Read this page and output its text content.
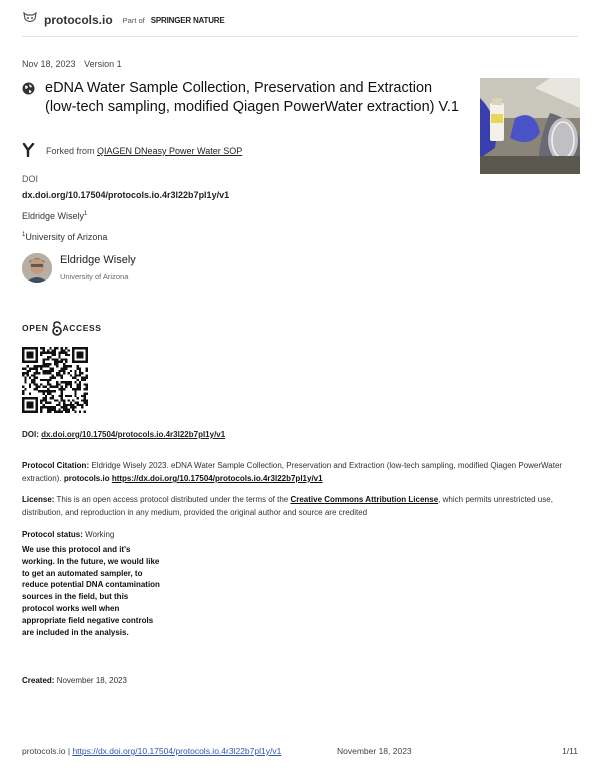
protocols.io Part of SPRINGER NATURE
Nov 18, 2023 Version 1
eDNA Water Sample Collection, Preservation and Extraction (low-tech sampling, modified Qiagen PowerWater extraction) V.1
Forked from QIAGEN DNeasy Power Water SOP
DOI
dx.doi.org/10.17504/protocols.io.4r3l22b7pl1y/v1
Eldridge Wisely$^1$
$^1$University of Arizona
Eldridge Wisely
University of Arizona
OPEN ACCESS
DOI: dx.doi.org/10.17504/protocols.io.4r3l22b7pl1y/v1
Protocol Citation: Eldridge Wisely 2023. eDNA Water Sample Collection, Preservation and Extraction (low-tech sampling, modified Qiagen PowerWater extraction). protocols.io https://dx.doi.org/10.17504/protocols.io.4r3l22b7pl1y/v1
License: This is an open access protocol distributed under the terms of the Creative Commons Attribution License, which permits unrestricted use, distribution, and reproduction in any medium, provided the original author and source are credited
Protocol status: Working
We use this protocol and it's working. In the future, we would like to get an automated sampler, to reduce potential DNA contamination sources in the field, but this protocol works well when appropriate field negative controls are included in the analysis.
Created: November 18, 2023
protocols.io | https://dx.doi.org/10.17504/protocols.io.4r3l22b7pl1y/v1	November 18, 2023	1/11
